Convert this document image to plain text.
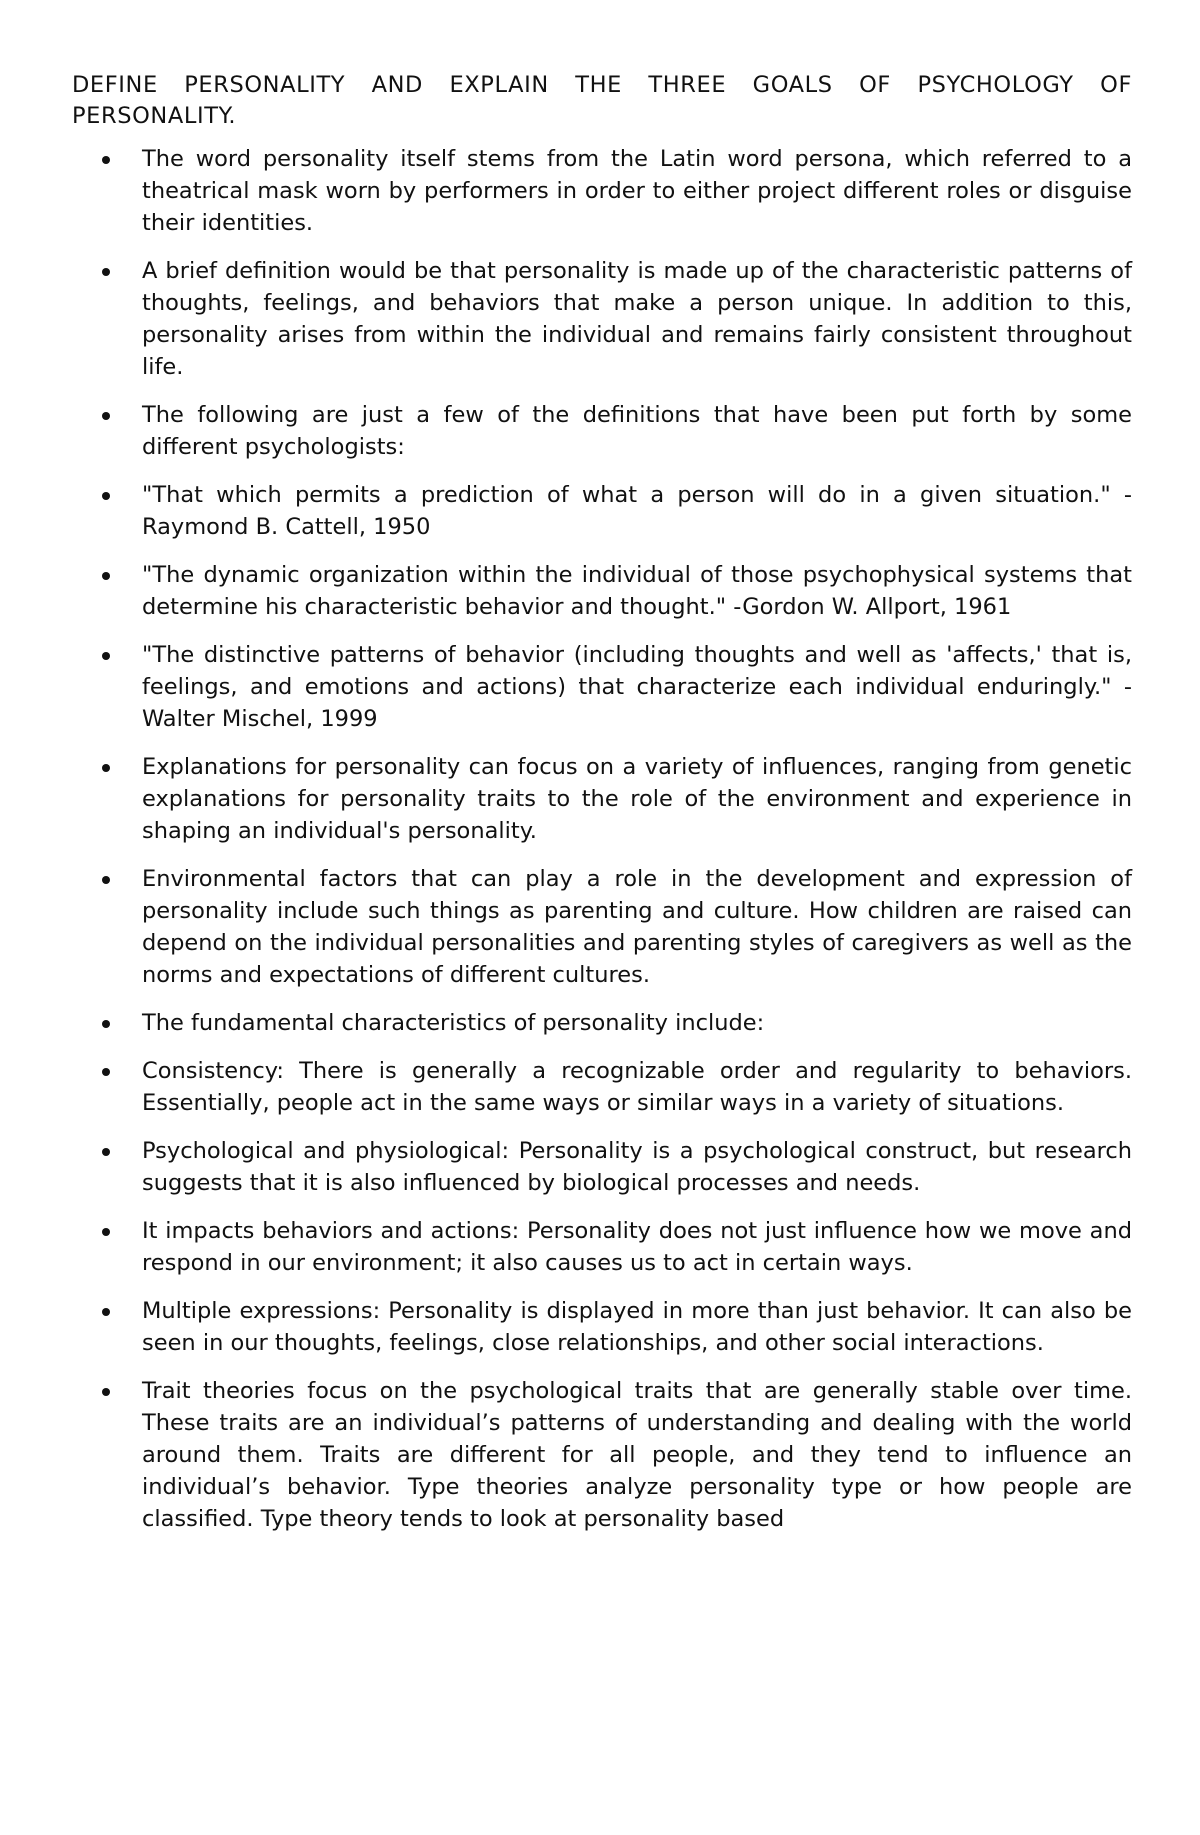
DEFINE PERSONALITY AND EXPLAIN THE THREE GOALS OF PSYCHOLOGY OF PERSONALITY.
The word personality itself stems from the Latin word persona, which referred to a theatrical mask worn by performers in order to either project different roles or disguise their identities.
A brief definition would be that personality is made up of the characteristic patterns of thoughts, feelings, and behaviors that make a person unique. In addition to this, personality arises from within the individual and remains fairly consistent throughout life.
The following are just a few of the definitions that have been put forth by some different psychologists:
"That which permits a prediction of what a person will do in a given situation." -Raymond B. Cattell, 1950
"The dynamic organization within the individual of those psychophysical systems that determine his characteristic behavior and thought." -Gordon W. Allport, 1961
"The distinctive patterns of behavior (including thoughts and well as 'affects,' that is, feelings, and emotions and actions) that characterize each individual enduringly." -Walter Mischel, 1999
Explanations for personality can focus on a variety of influences, ranging from genetic explanations for personality traits to the role of the environment and experience in shaping an individual's personality.
Environmental factors that can play a role in the development and expression of personality include such things as parenting and culture. How children are raised can depend on the individual personalities and parenting styles of caregivers as well as the norms and expectations of different cultures.
The fundamental characteristics of personality include:
Consistency: There is generally a recognizable order and regularity to behaviors. Essentially, people act in the same ways or similar ways in a variety of situations.
Psychological and physiological: Personality is a psychological construct, but research suggests that it is also influenced by biological processes and needs.
It impacts behaviors and actions: Personality does not just influence how we move and respond in our environment; it also causes us to act in certain ways.
Multiple expressions: Personality is displayed in more than just behavior. It can also be seen in our thoughts, feelings, close relationships, and other social interactions.
Trait theories focus on the psychological traits that are generally stable over time. These traits are an individual’s patterns of understanding and dealing with the world around them. Traits are different for all people, and they tend to influence an individual’s behavior. Type theories analyze personality type or how people are classified. Type theory tends to look at personality based
